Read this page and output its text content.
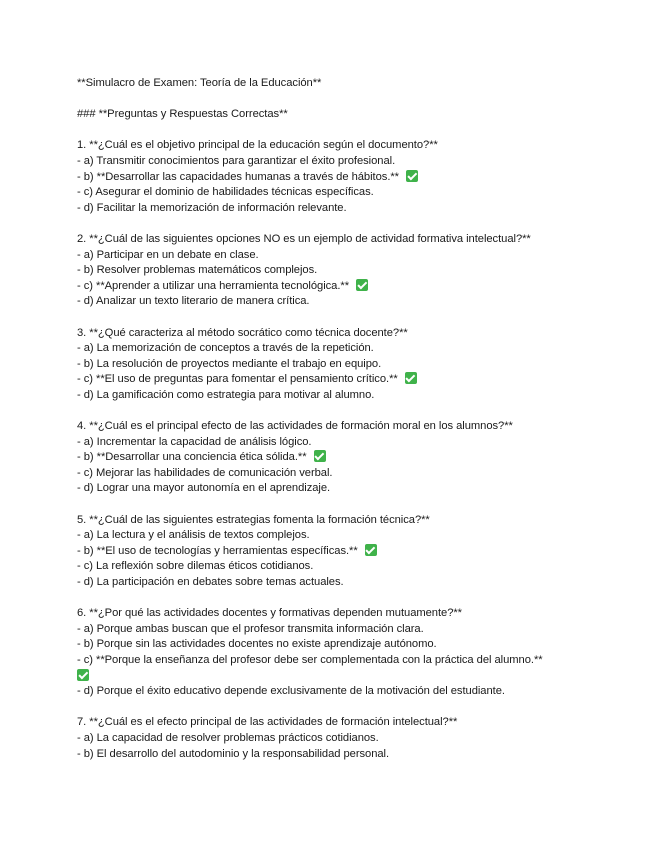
**Simulacro de Examen: Teoría de la Educación**
### **Preguntas y Respuestas Correctas**
1. **¿Cuál es el objetivo principal de la educación según el documento?**
- a) Transmitir conocimientos para garantizar el éxito profesional.
- b) **Desarrollar las capacidades humanas a través de hábitos.**
- c) Asegurar el dominio de habilidades técnicas específicas.
- d) Facilitar la memorización de información relevante.
2. **¿Cuál de las siguientes opciones NO es un ejemplo de actividad formativa intelectual?**
- a) Participar en un debate en clase.
- b) Resolver problemas matemáticos complejos.
- c) **Aprender a utilizar una herramienta tecnológica.**
- d) Analizar un texto literario de manera crítica.
3. **¿Qué caracteriza al método socrático como técnica docente?**
- a) La memorización de conceptos a través de la repetición.
- b) La resolución de proyectos mediante el trabajo en equipo.
- c) **El uso de preguntas para fomentar el pensamiento crítico.**
- d) La gamificación como estrategia para motivar al alumno.
4. **¿Cuál es el principal efecto de las actividades de formación moral en los alumnos?**
- a) Incrementar la capacidad de análisis lógico.
- b) **Desarrollar una conciencia ética sólida.**
- c) Mejorar las habilidades de comunicación verbal.
- d) Lograr una mayor autonomía en el aprendizaje.
5. **¿Cuál de las siguientes estrategias fomenta la formación técnica?**
- a) La lectura y el análisis de textos complejos.
- b) **El uso de tecnologías y herramientas específicas.**
- c) La reflexión sobre dilemas éticos cotidianos.
- d) La participación en debates sobre temas actuales.
6. **¿Por qué las actividades docentes y formativas dependen mutuamente?**
- a) Porque ambas buscan que el profesor transmita información clara.
- b) Porque sin las actividades docentes no existe aprendizaje autónomo.
- c) **Porque la enseñanza del profesor debe ser complementada con la práctica del alumno.**
- d) Porque el éxito educativo depende exclusivamente de la motivación del estudiante.
7. **¿Cuál es el efecto principal de las actividades de formación intelectual?**
- a) La capacidad de resolver problemas prácticos cotidianos.
- b) El desarrollo del autodominio y la responsabilidad personal.
